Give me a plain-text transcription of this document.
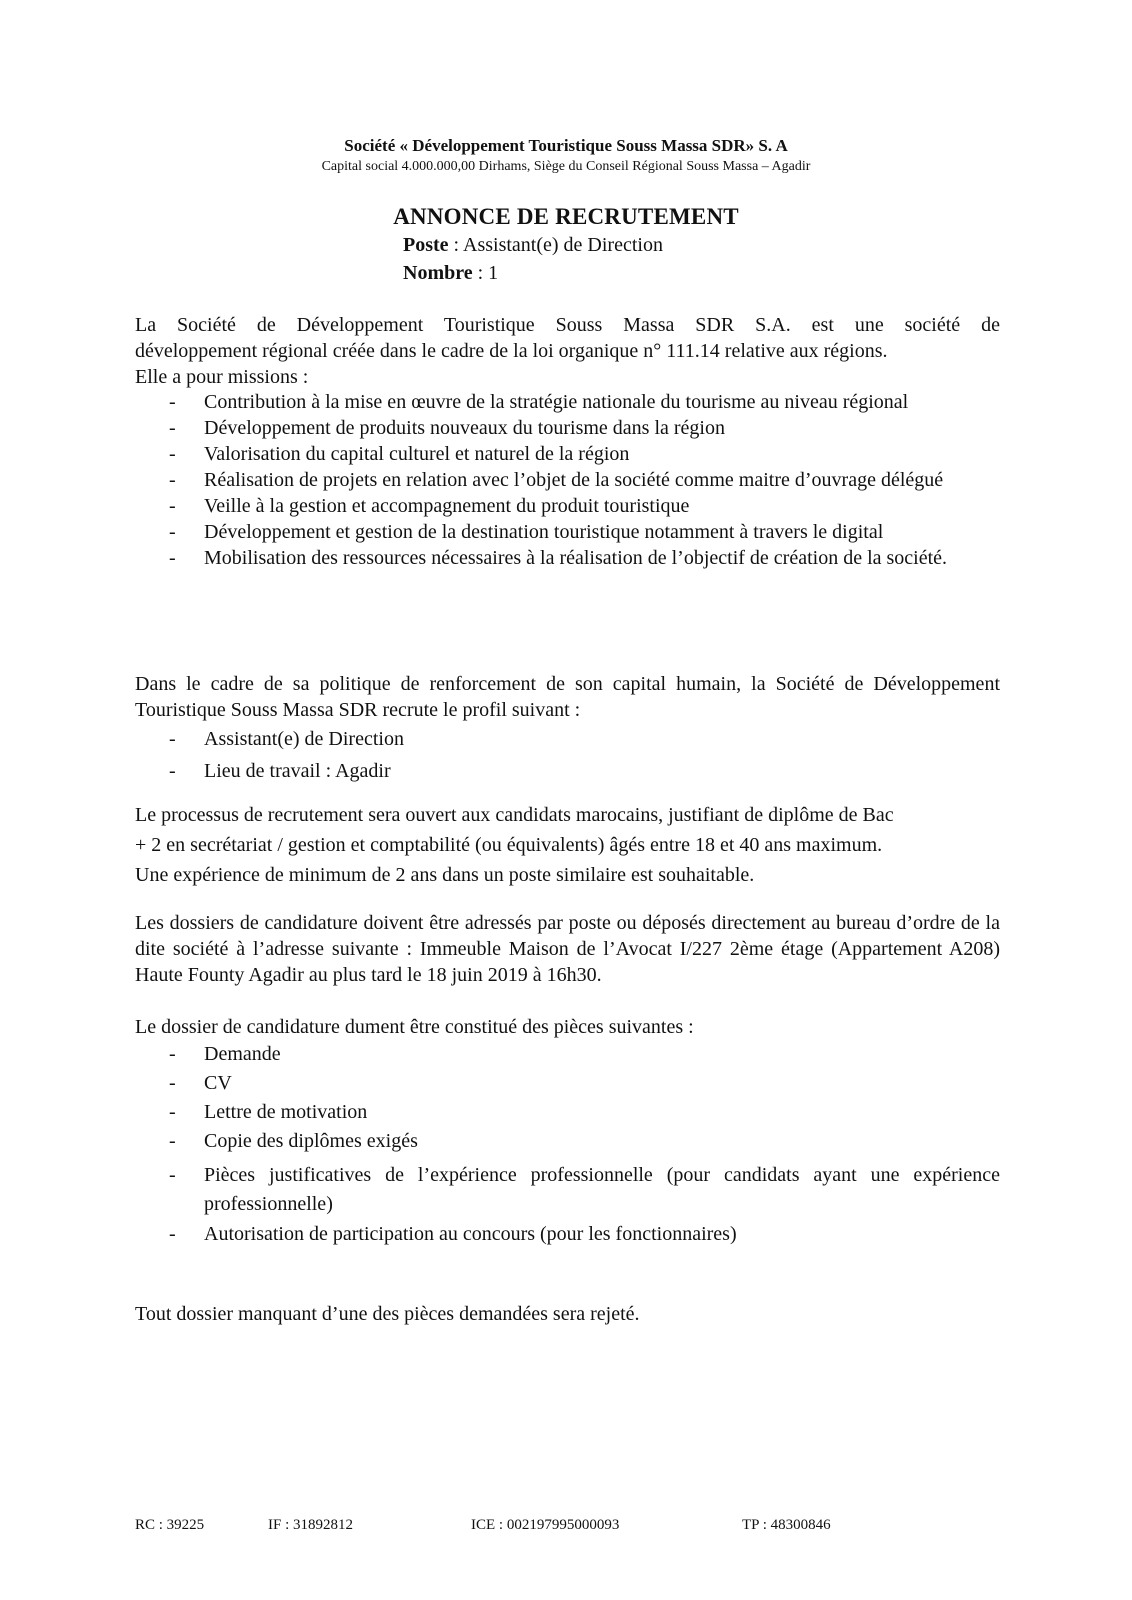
Société « Développement Touristique Souss Massa SDR» S. A
Capital social 4.000.000,00 Dirhams, Siège du Conseil Régional Souss Massa – Agadir
ANNONCE DE RECRUTEMENT
Poste : Assistant(e) de Direction
Nombre : 1
La Société de Développement Touristique Souss Massa SDR S.A. est une société de
développement régional créée dans le cadre de la loi organique n° 111.14 relative aux régions.
Elle a pour missions :
- Contribution à la mise en œuvre de la stratégie nationale du tourisme au niveau régional
- Développement de produits nouveaux du tourisme dans la région
- Valorisation du capital culturel et naturel de la région
- Réalisation de projets en relation avec l’objet de la société comme maitre d’ouvrage délégué
- Veille à la gestion et accompagnement du produit touristique
- Développement et gestion de la destination touristique notamment à travers le digital
- Mobilisation des ressources nécessaires à la réalisation de l’objectif de création de la société.
Dans le cadre de sa politique de renforcement de son capital humain, la Société de Développement Touristique Souss Massa SDR recrute le profil suivant :
- Assistant(e) de Direction
- Lieu de travail : Agadir
Le processus de recrutement sera ouvert aux candidats marocains, justifiant de diplôme de Bac
+ 2 en secrétariat / gestion et comptabilité (ou équivalents) âgés entre 18 et 40 ans maximum.
Une expérience de minimum de 2 ans dans un poste similaire est souhaitable.
Les dossiers de candidature doivent être adressés par poste ou déposés directement au bureau d’ordre de la dite société à l’adresse suivante : Immeuble Maison de l’Avocat I/227 2ème étage (Appartement A208) Haute Founty Agadir au plus tard le 18 juin 2019 à 16h30.
Le dossier de candidature dument être constitué des pièces suivantes :
- Demande
- CV
- Lettre de motivation
- Copie des diplômes exigés
- Pièces justificatives de l’expérience professionnelle (pour candidats ayant une expérience professionnelle)
- Autorisation de participation au concours (pour les fonctionnaires)
Tout dossier manquant d’une des pièces demandées sera rejeté.
RC : 39225	IF : 31892812	ICE : 002197995000093	TP : 48300846
